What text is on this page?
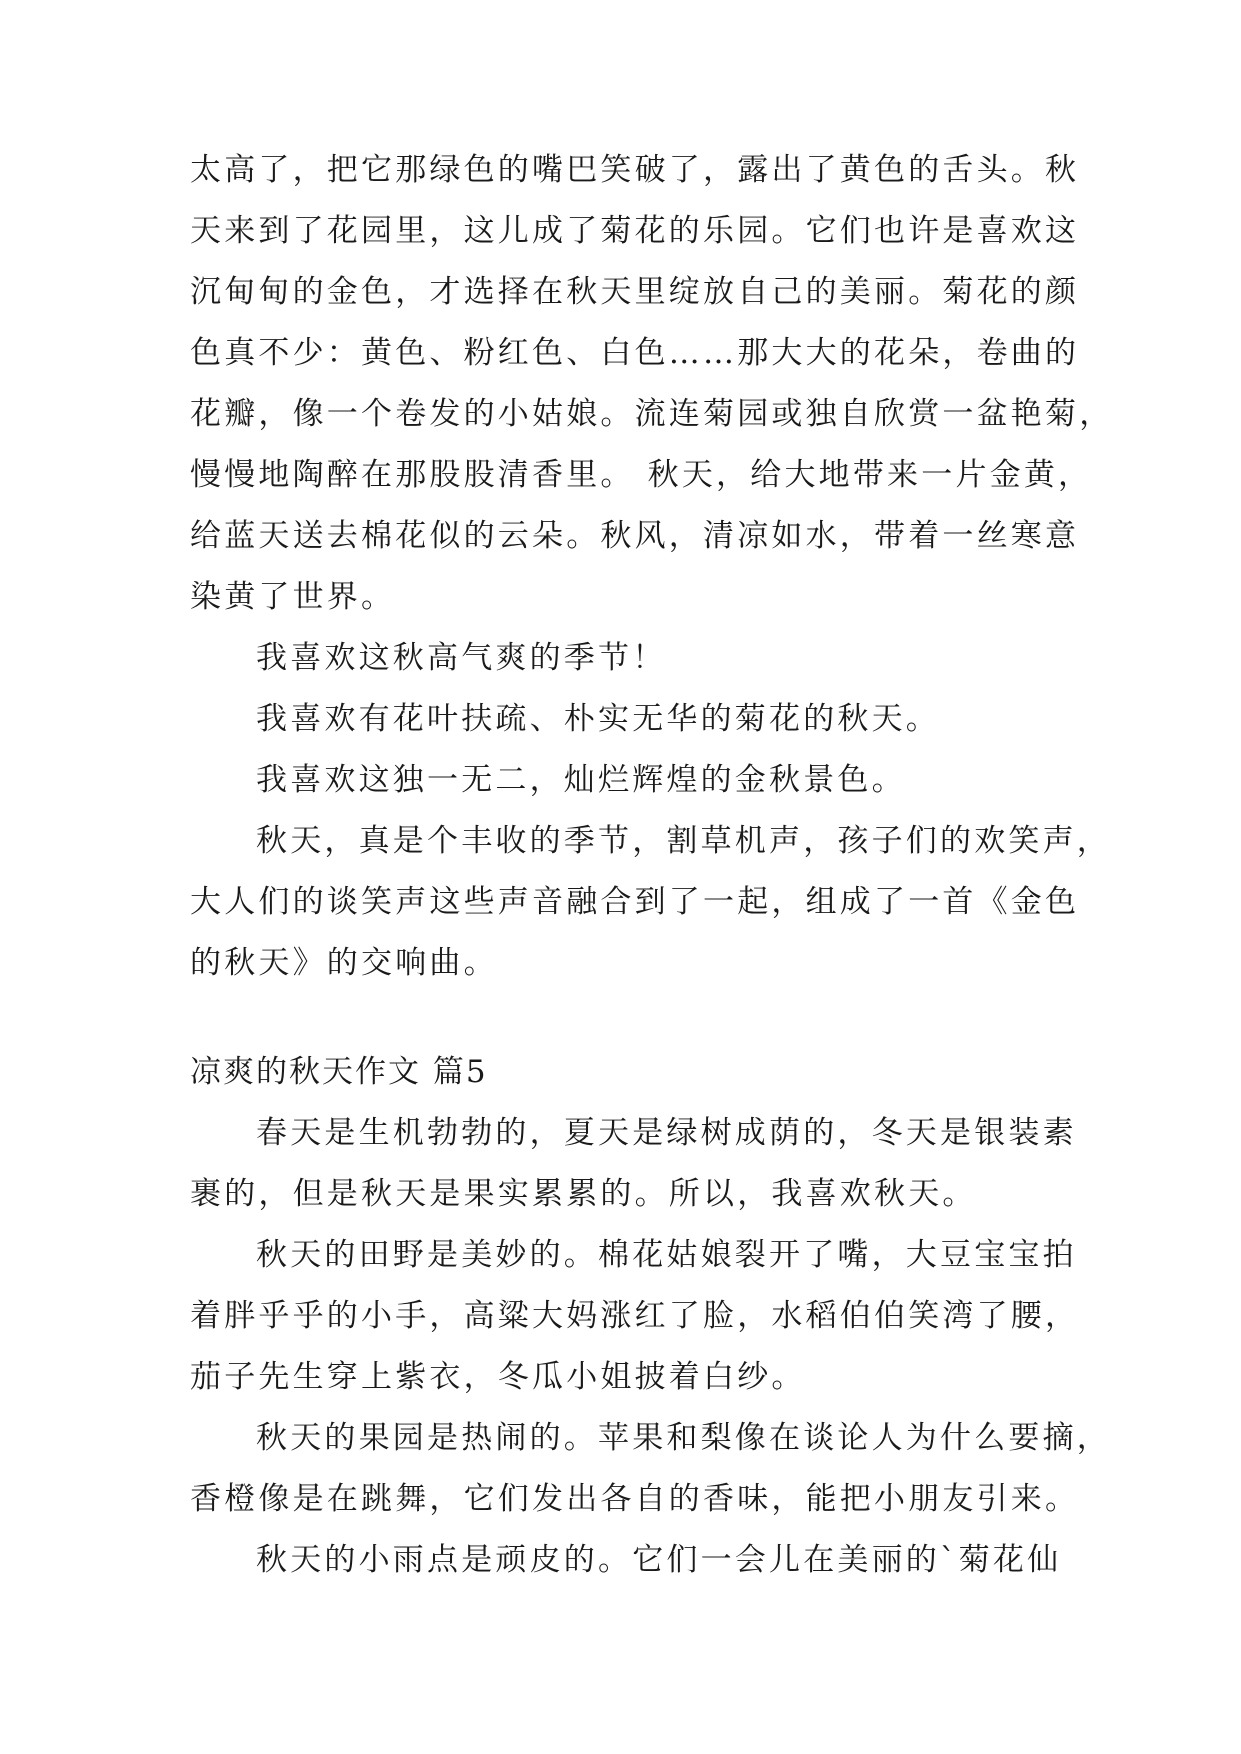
太高了，把它那绿色的嘴巴笑破了，露出了黄色的舌头。秋
天来到了花园里，这儿成了菊花的乐园。它们也许是喜欢这
沉甸甸的金色，才选择在秋天里绽放自己的美丽。菊花的颜
色真不少：黄色、粉红色、白色……那大大的花朵，卷曲的
花瓣，像一个卷发的小姑娘。流连菊园或独自欣赏一盆艳菊，
慢慢地陶醉在那股股清香里。 秋天，给大地带来一片金黄，
给蓝天送去棉花似的云朵。秋风，清凉如水，带着一丝寒意
染黄了世界。
我喜欢这秋高气爽的季节！
我喜欢有花叶扶疏、朴实无华的菊花的秋天。
我喜欢这独一无二，灿烂辉煌的金秋景色。
秋天，真是个丰收的季节，割草机声，孩子们的欢笑声，
大人们的谈笑声这些声音融合到了一起，组成了一首《金色
的秋天》的交响曲。
凉爽的秋天作文 篇5
春天是生机勃勃的，夏天是绿树成荫的，冬天是银装素
裹的，但是秋天是果实累累的。所以，我喜欢秋天。
秋天的田野是美妙的。棉花姑娘裂开了嘴，大豆宝宝拍
着胖乎乎的小手，高粱大妈涨红了脸，水稻伯伯笑湾了腰，
茄子先生穿上紫衣，冬瓜小姐披着白纱。
秋天的果园是热闹的。苹果和梨像在谈论人为什么要摘，
香橙像是在跳舞，它们发出各自的香味，能把小朋友引来。
秋天的小雨点是顽皮的。它们一会儿在美丽的`菊花仙
